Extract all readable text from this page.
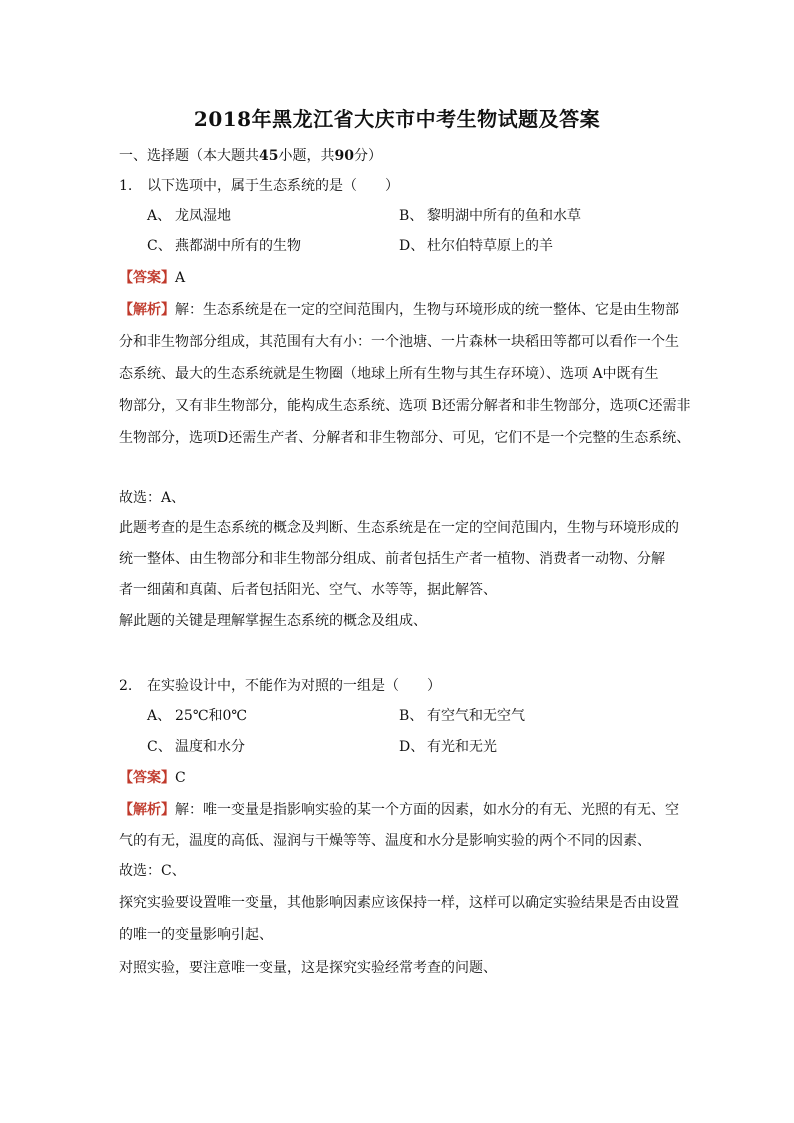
2018年黑龙江省大庆市中考生物试题及答案
一、选择题（本大题共45小题，共90分）
1. 以下选项中，属于生态系统的是（　　）
A、 龙凤湿地	B、 黎明湖中所有的鱼和水草
C、 燕都湖中所有的生物	D、 杜尔伯特草原上的羊
【答案】A
【解析】解：生态系统是在一定的空间范围内，生物与环境形成的统一整体、它是由生物部
分和非生物部分组成，其范围有大有小：一个池塘、一片森林一块稻田等都可以看作一个生
态系统、最大的生态系统就是生物圈（地球上所有生物与其生存环境）、选项 A中既有生
物部分，又有非生物部分，能构成生态系统、选项 B还需分解者和非生物部分，选项C还需非
生物部分，选项D还需生产者、分解者和非生物部分、可见，它们不是一个完整的生态系统、
故选：A、
此题考查的是生态系统的概念及判断、生态系统是在一定的空间范围内，生物与环境形成的
统一整体、由生物部分和非生物部分组成、前者包括生产者一植物、消费者一动物、分解
者一细菌和真菌、后者包括阳光、空气、水等等，据此解答、
解此题的关键是理解掌握生态系统的概念及组成、
2. 在实验设计中，不能作为对照的一组是（　　）
A、 25℃和0℃	B、 有空气和无空气
C、 温度和水分	D、 有光和无光
【答案】C
【解析】解：唯一变量是指影响实验的某一个方面的因素，如水分的有无、光照的有无、空
气的有无，温度的高低、湿润与干燥等等、温度和水分是影响实验的两个不同的因素、
故选：C、
探究实验要设置唯一变量，其他影响因素应该保持一样，这样可以确定实验结果是否由设置
的唯一的变量影响引起、
对照实验，要注意唯一变量，这是探究实验经常考查的问题、
